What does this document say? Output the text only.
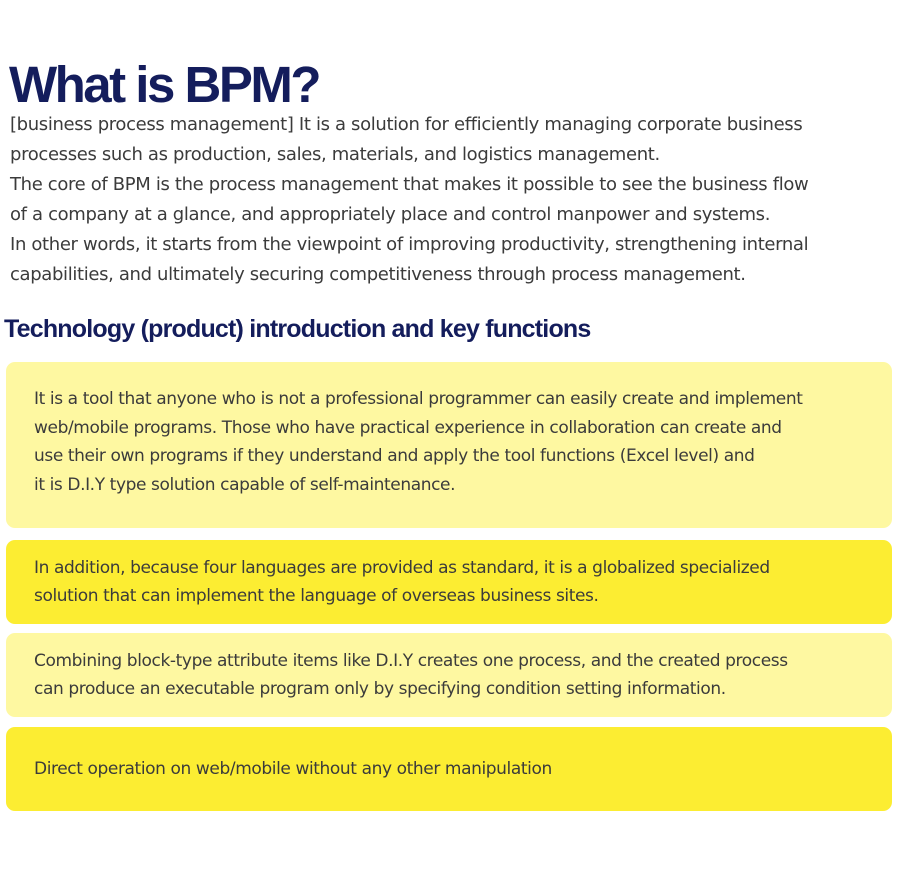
What is BPM?

[business process management] It is a solution for efficiently managing corporate business

processes such as production, sales, materials, and logistics management.

The core of BPM is the process management that makes it possible to see the business flow

of a company at a glance, and appropriately place and control manpower and systems.

In other words, it starts from the viewpoint of improving productivity, strengthening internal

capabilities, and ultimately securing competitiveness through process management.

Technology (product) introduction and key functions

It is a tool that anyone who is not a professional programmer can easily create and implement

web/mobile programs. Those who have practical experience in collaboration can create and

use their own programs if they understand and apply the tool functions (Excel level) and

it is D.I.Y type solution capable of self-maintenance.

In addition, because four languages are provided as standard, it is a globalized specialized

solution that can implement the language of overseas business sites.

Combining block-type attribute items like D.I.Y creates one process, and the created process

can produce an executable program only by specifying condition setting information.

Direct operation on web/mobile without any other manipulation
